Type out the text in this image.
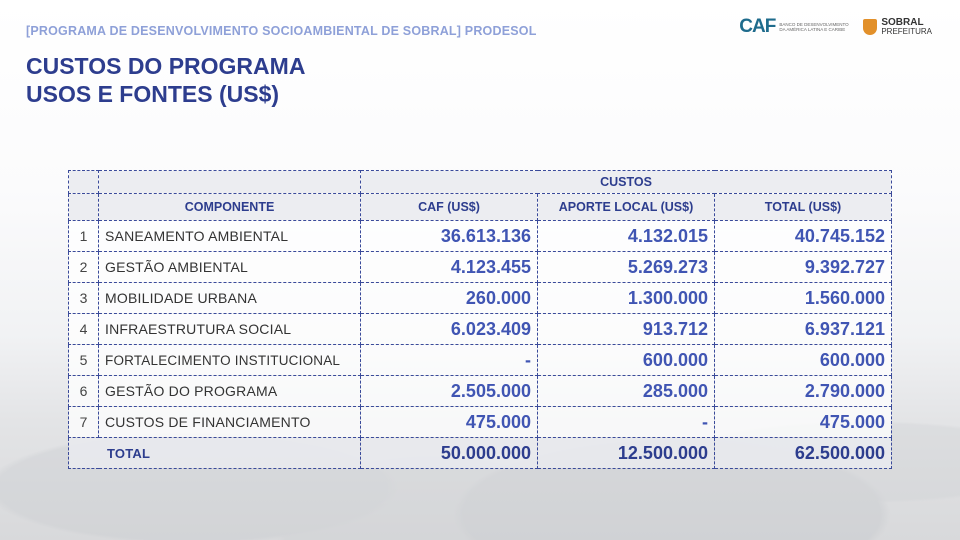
[PROGRAMA DE DESENVOLVIMENTO SOCIOAMBIENTAL DE SOBRAL] PRODESOL
CUSTOS DO PROGRAMA
USOS E FONTES (US$)
CAF BANCO DE DESENVOLVIMENTO DA AMÉRICA LATINA E CARIBE
SOBRAL
PREFEITURA
		CUSTOS		
	COMPONENTE	CAF (US$)	APORTE LOCAL (US$)	TOTAL (US$)
1	SANEAMENTO AMBIENTAL	36.613.136	4.132.015	40.745.152
2	GESTÃO AMBIENTAL	4.123.455	5.269.273	9.392.727
3	MOBILIDADE URBANA	260.000	1.300.000	1.560.000
4	INFRAESTRUTURA SOCIAL	6.023.409	913.712	6.937.121
5	FORTALECIMENTO INSTITUCIONAL	-	600.000	600.000
6	GESTÃO DO PROGRAMA	2.505.000	285.000	2.790.000
7	CUSTOS DE FINANCIAMENTO	475.000	-	475.000
TOTAL		50.000.000	12.500.000	62.500.000
